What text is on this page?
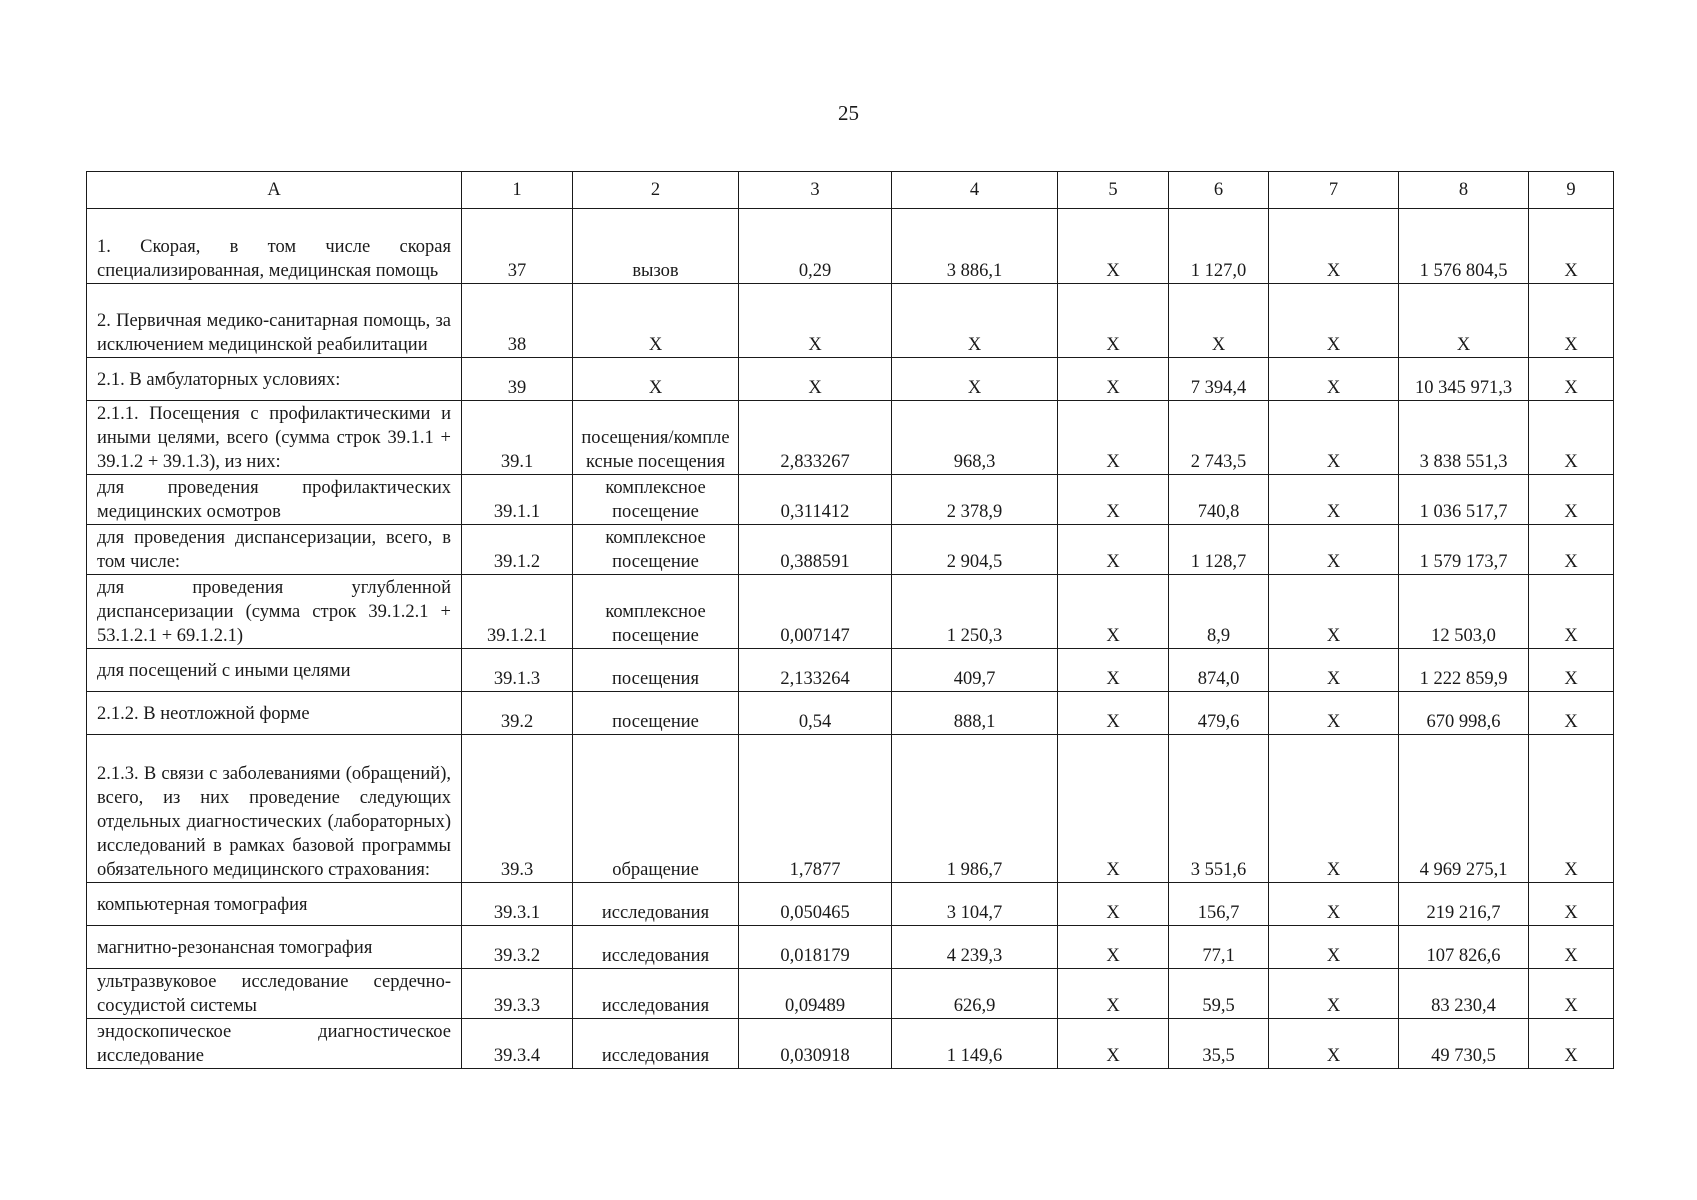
25
А	1	2	3	4	5	6	7	8	9
1. Скорая, в том числе скорая специализированная, медицинская помощь	37	вызов	0,29	3 886,1	Х	1 127,0	Х	1 576 804,5	Х
2. Первичная медико-санитарная помощь, за исключением медицинской реабилитации	38	Х	Х	Х	Х	Х	Х	Х	Х
2.1. В амбулаторных условиях:	39	Х	Х	Х	Х	7 394,4	Х	10 345 971,3	Х
2.1.1. Посещения с профилактическими и иными целями, всего (сумма строк 39.1.1 + 39.1.2 + 39.1.3), из них:	39.1	посещения/комплексные посещения	2,833267	968,3	Х	2 743,5	Х	3 838 551,3	Х
для проведения профилактических медицинских осмотров	39.1.1	комплексное посещение	0,311412	2 378,9	Х	740,8	Х	1 036 517,7	Х
для проведения диспансеризации, всего, в том числе:	39.1.2	комплексное посещение	0,388591	2 904,5	Х	1 128,7	Х	1 579 173,7	Х
для проведения углубленной диспансеризации (сумма строк 39.1.2.1 + 53.1.2.1 + 69.1.2.1)	39.1.2.1	комплексное посещение	0,007147	1 250,3	Х	8,9	Х	12 503,0	Х
для посещений с иными целями	39.1.3	посещения	2,133264	409,7	Х	874,0	Х	1 222 859,9	Х
2.1.2. В неотложной форме	39.2	посещение	0,54	888,1	Х	479,6	Х	670 998,6	Х
2.1.3. В связи с заболеваниями (обращений), всего, из них проведение следующих отдельных диагностических (лабораторных) исследований в рамках базовой программы обязательного медицинского страхования:	39.3	обращение	1,7877	1 986,7	Х	3 551,6	Х	4 969 275,1	Х
компьютерная томография	39.3.1	исследования	0,050465	3 104,7	Х	156,7	Х	219 216,7	Х
магнитно-резонансная томография	39.3.2	исследования	0,018179	4 239,3	Х	77,1	Х	107 826,6	Х
ультразвуковое исследование сердечно-сосудистой системы	39.3.3	исследования	0,09489	626,9	Х	59,5	Х	83 230,4	Х
эндоскопическое диагностическое исследование	39.3.4	исследования	0,030918	1 149,6	Х	35,5	Х	49 730,5	Х
